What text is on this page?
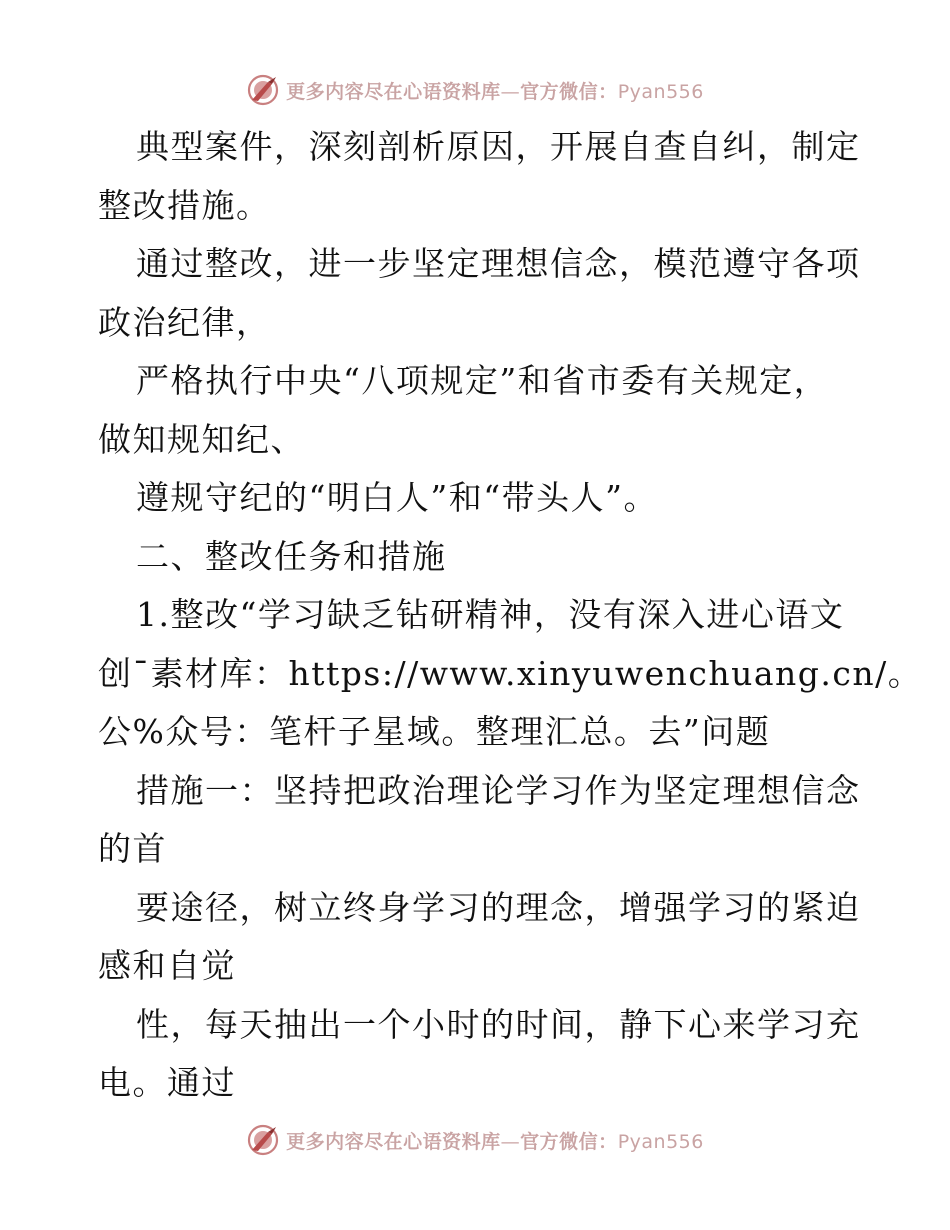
更多内容尽在心语资料库—官方微信：Pyan556
典型案件，深刻剖析原因，开展自查自纠，制定
整改措施。
通过整改，进一步坚定理想信念，模范遵守各项
政治纪律，
严格执行中央“八项规定”和省市委有关规定，
做知规知纪、
遵规守纪的“明白人”和“带头人”。
二、整改任务和措施
1.整改“学习缺乏钻研精神，没有深入进心语文
创¯素材库：https://www.xinyuwenchuang.cn/。
公%众号：笔杆子星域。整理汇总。去”问题
措施一：坚持把政治理论学习作为坚定理想信念
的首
要途径，树立终身学习的理念，增强学习的紧迫
感和自觉
性，每天抽出一个小时的时间，静下心来学习充
电。通过
更多内容尽在心语资料库—官方微信：Pyan556
